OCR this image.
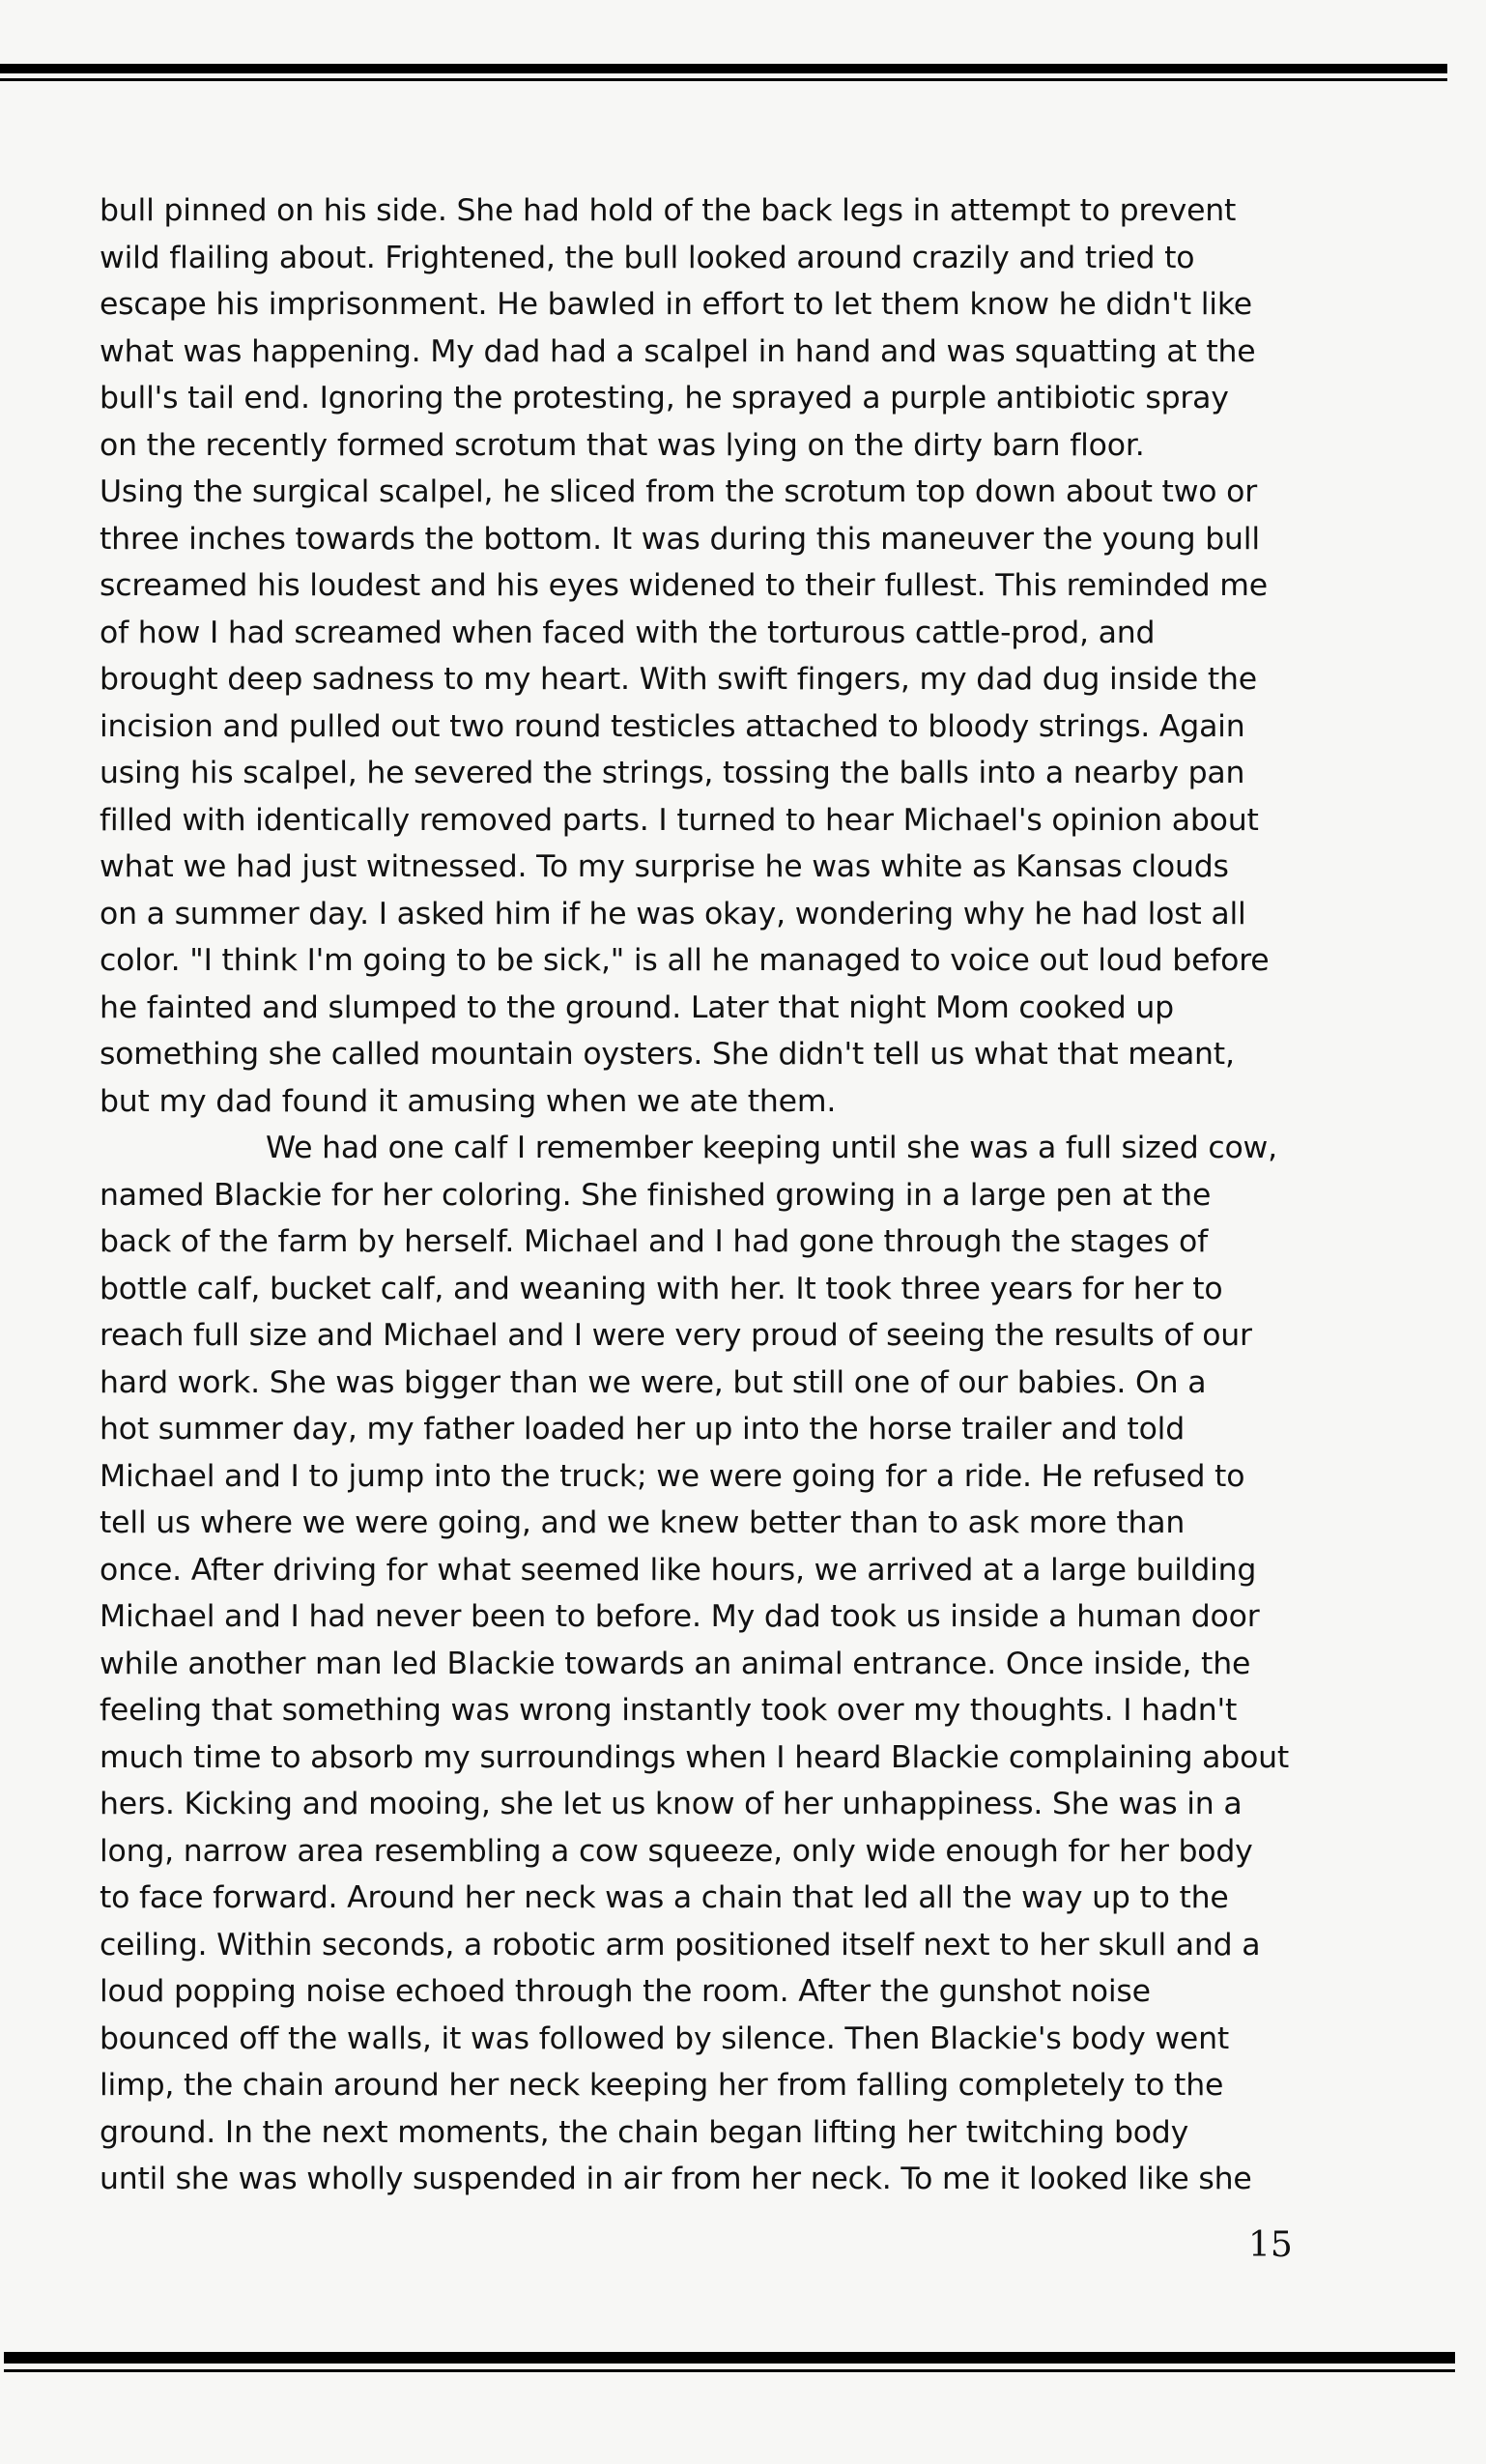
bull pinned on his side. She had hold of the back legs in attempt to prevent
wild flailing about. Frightened, the bull looked around crazily and tried to
escape his imprisonment. He bawled in effort to let them know he didn't like
what was happening. My dad had a scalpel in hand and was squatting at the
bull's tail end. Ignoring the protesting, he sprayed a purple antibiotic spray
on the recently formed scrotum that was lying on the dirty barn floor.
Using the surgical scalpel, he sliced from the scrotum top down about two or
three inches towards the bottom. It was during this maneuver the young bull
screamed his loudest and his eyes widened to their fullest. This reminded me
of how I had screamed when faced with the torturous cattle-prod, and
brought deep sadness to my heart. With swift fingers, my dad dug inside the
incision and pulled out two round testicles attached to bloody strings. Again
using his scalpel, he severed the strings, tossing the balls into a nearby pan
filled with identically removed parts. I turned to hear Michael's opinion about
what we had just witnessed. To my surprise he was white as Kansas clouds
on a summer day. I asked him if he was okay, wondering why he had lost all
color. "I think I'm going to be sick," is all he managed to voice out loud before
he fainted and slumped to the ground. Later that night Mom cooked up
something she called mountain oysters. She didn't tell us what that meant,
but my dad found it amusing when we ate them.
We had one calf I remember keeping until she was a full sized cow,
named Blackie for her coloring. She finished growing in a large pen at the
back of the farm by herself. Michael and I had gone through the stages of
bottle calf, bucket calf, and weaning with her. It took three years for her to
reach full size and Michael and I were very proud of seeing the results of our
hard work. She was bigger than we were, but still one of our babies. On a
hot summer day, my father loaded her up into the horse trailer and told
Michael and I to jump into the truck; we were going for a ride. He refused to
tell us where we were going, and we knew better than to ask more than
once. After driving for what seemed like hours, we arrived at a large building
Michael and I had never been to before. My dad took us inside a human door
while another man led Blackie towards an animal entrance. Once inside, the
feeling that something was wrong instantly took over my thoughts. I hadn't
much time to absorb my surroundings when I heard Blackie complaining about
hers. Kicking and mooing, she let us know of her unhappiness. She was in a
long, narrow area resembling a cow squeeze, only wide enough for her body
to face forward. Around her neck was a chain that led all the way up to the
ceiling. Within seconds, a robotic arm positioned itself next to her skull and a
loud popping noise echoed through the room. After the gunshot noise
bounced off the walls, it was followed by silence. Then Blackie's body went
limp, the chain around her neck keeping her from falling completely to the
ground. In the next moments, the chain began lifting her twitching body
until she was wholly suspended in air from her neck. To me it looked like she
15
